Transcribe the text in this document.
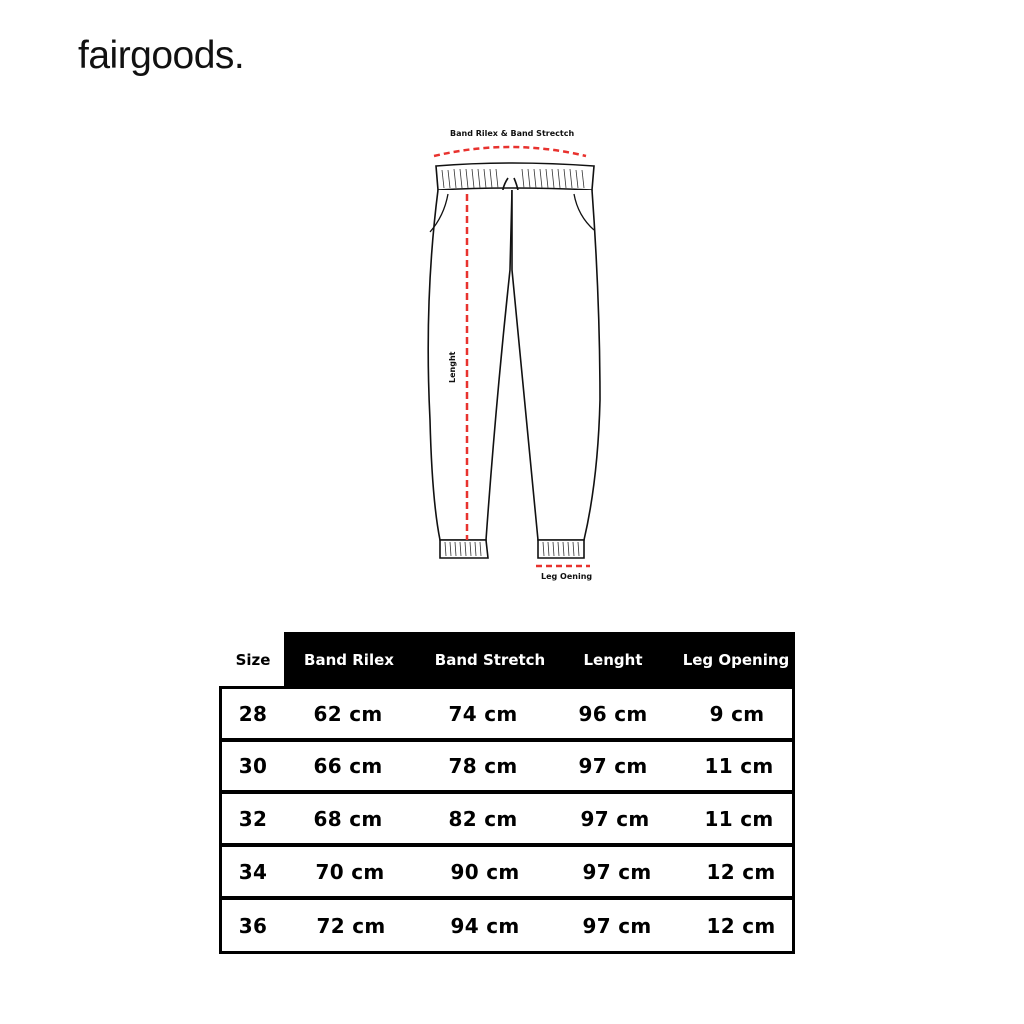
fairgoods.
Band Rilex & Band Strectch
Lenght
Leg Oening
Size	Band Rilex	Band Stretch	Lenght	Leg Opening
28 62 cm	74 cm	96 cm	9 cm
30 66 cm	78 cm	97 cm	11 cm
32 68 cm	82 cm	97 cm	11 cm
34 70 cm	90 cm	97 cm	12 cm
36 72 cm	94 cm	97 cm	12 cm
